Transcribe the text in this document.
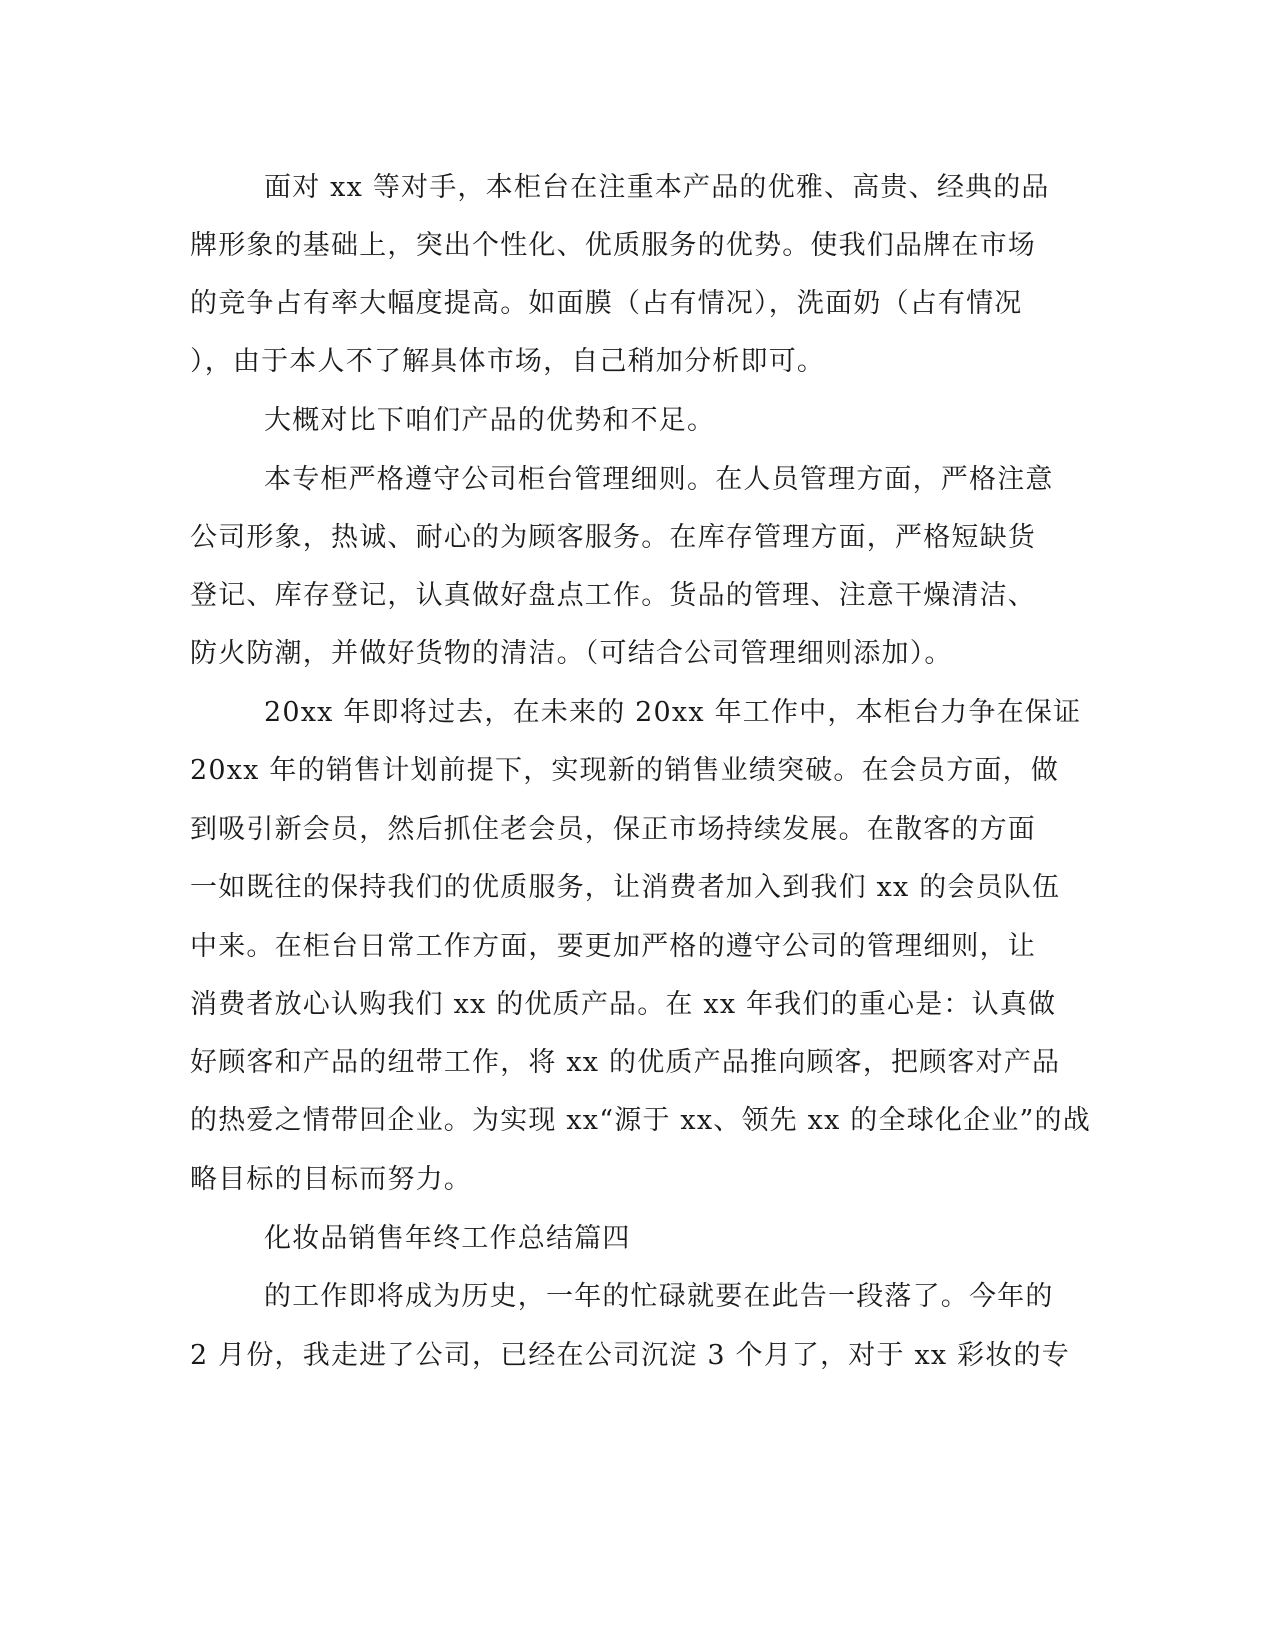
面对 xx 等对手，本柜台在注重本产品的优雅、高贵、经典的品

牌形象的基础上，突出个性化、优质服务的优势。使我们品牌在市场

的竞争占有率大幅度提高。如面膜（占有情况），洗面奶（占有情况

），由于本人不了解具体市场，自己稍加分析即可。

大概对比下咱们产品的优势和不足。

本专柜严格遵守公司柜台管理细则。在人员管理方面，严格注意

公司形象，热诚、耐心的为顾客服务。在库存管理方面，严格短缺货

登记、库存登记，认真做好盘点工作。货品的管理、注意干燥清洁、

防火防潮，并做好货物的清洁。（可结合公司管理细则添加）。

20xx 年即将过去，在未来的 20xx 年工作中，本柜台力争在保证

20xx 年的销售计划前提下，实现新的销售业绩突破。在会员方面，做

到吸引新会员，然后抓住老会员，保正市场持续发展。在散客的方面

一如既往的保持我们的优质服务，让消费者加入到我们 xx 的会员队伍

中来。在柜台日常工作方面，要更加严格的遵守公司的管理细则，让

消费者放心认购我们 xx 的优质产品。在 xx 年我们的重心是：认真做

好顾客和产品的纽带工作，将 xx 的优质产品推向顾客，把顾客对产品

的热爱之情带回企业。为实现 xx“源于 xx、领先 xx 的全球化企业”的战

略目标的目标而努力。

化妆品销售年终工作总结篇四

的工作即将成为历史，一年的忙碌就要在此告一段落了。今年的

2 月份，我走进了公司，已经在公司沉淀 3 个月了，对于 xx 彩妆的专
